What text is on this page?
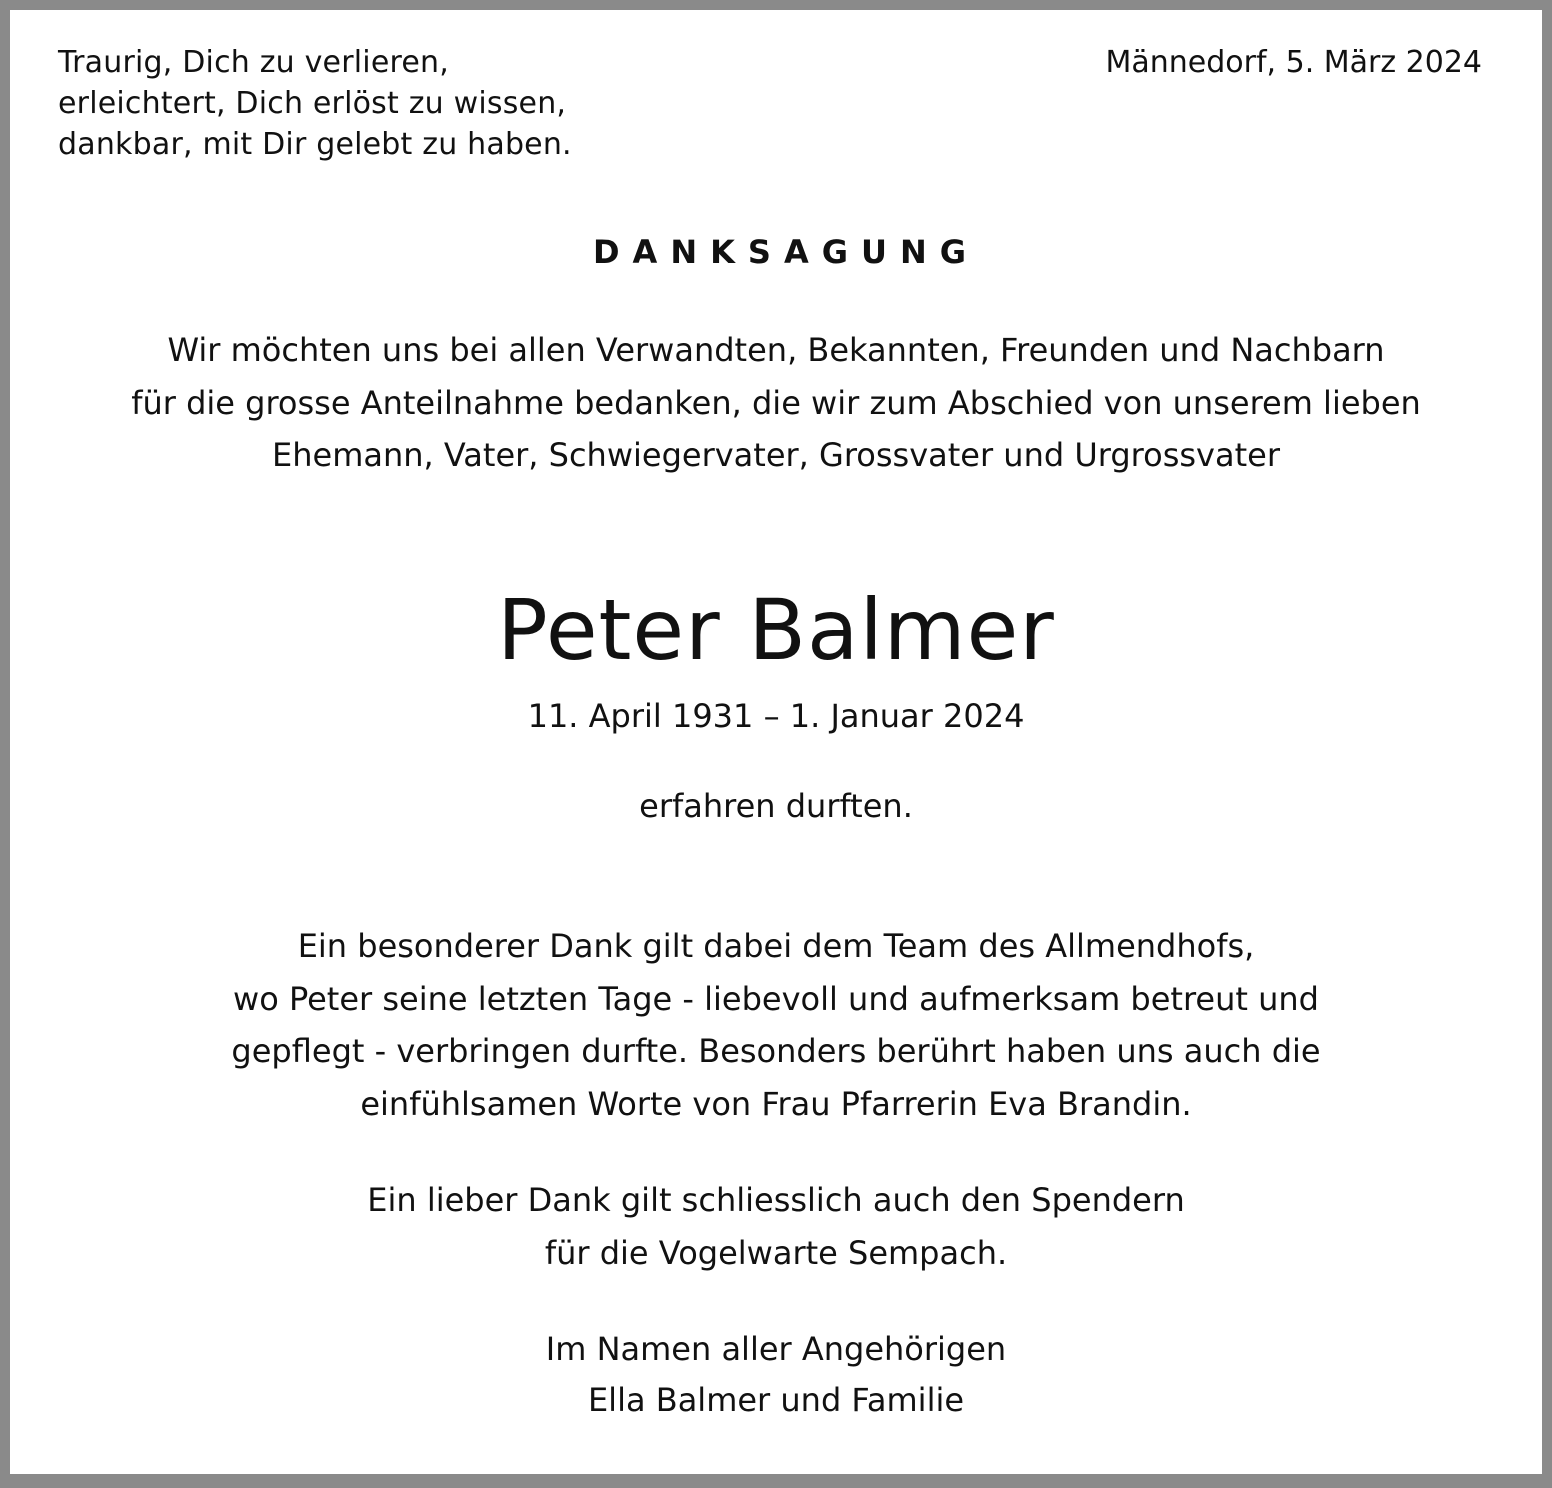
Traurig, Dich zu verlieren,
erleichtert, Dich erlöst zu wissen,
dankbar, mit Dir gelebt zu haben.
Männedorf, 5. März 2024
DANKSAGUNG
Wir möchten uns bei allen Verwandten, Bekannten, Freunden und Nachbarn
für die grosse Anteilnahme bedanken, die wir zum Abschied von unserem lieben
Ehemann, Vater, Schwiegervater, Grossvater und Urgrossvater
Peter Balmer
11. April 1931 – 1. Januar 2024
erfahren durften.
Ein besonderer Dank gilt dabei dem Team des Allmendhofs,
wo Peter seine letzten Tage - liebevoll und aufmerksam betreut und
gepflegt - verbringen durfte. Besonders berührt haben uns auch die
einfühlsamen Worte von Frau Pfarrerin Eva Brandin.
Ein lieber Dank gilt schliesslich auch den Spendern
für die Vogelwarte Sempach.
Im Namen aller Angehörigen
Ella Balmer und Familie
